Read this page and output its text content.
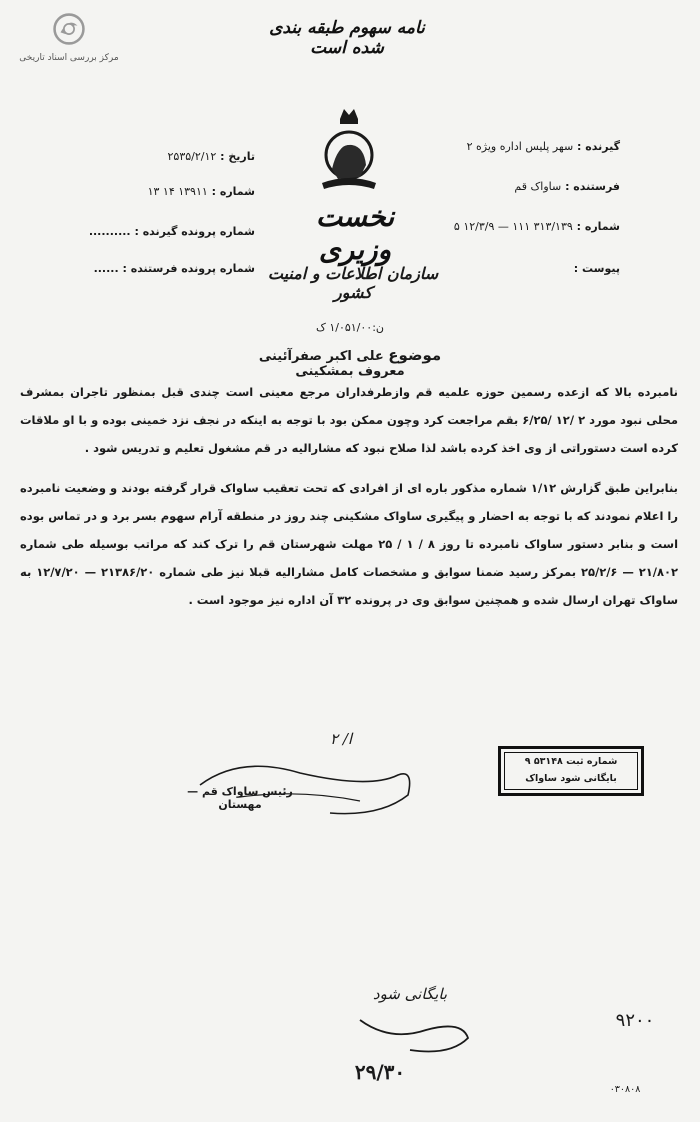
مرکز بررسی اسناد تاریخی
نامه سهوم طبقه بندی شده است
نخست وزیری
سازمان اطلاعات و امنیت کشور
گیرنده : سهر پلیس اداره ویژه ۲
فرستنده : ساواک قم
شماره : ۳۱۳/۱۳۹ ۱۱۱ — ۱۲/۳/۹ ۵
پیوست :
تاریخ : ۲۵۳۵/۲/۱۲
شماره : ۱۳۹۱۱ ۱۴ ۱۳
شماره پرونده گیرنده : ..........
شماره پرونده فرستنده : ......
ن:۱/۰۵۱/۰۰ ک
موضوع علی اکبر صفرآئینی معروف بمشکینی

نامبرده بالا که ازعده رسمین حوزه علمیه قم وازطرفداران مرجع معینی است چندی قبل بمنظور تاجران بمشرف محلی نبود مورد ۲ /۱۲ /۶/۲۵ بقم مراجعت کرد وچون ممکن بود با توجه به اینکه در نجف نزد خمینی بوده و با او ملاقات کرده است دستوراتی از وی اخذ کرده باشد لذا صلاح نبود که مشارالیه در قم مشغول تعلیم و تدریس شود .

بنابراین طبق گزارش ۱/۱۲ شماره مذکور باره ای از افرادی که تحت تعقیب ساواک قرار گرفته بودند و وضعیت نامبرده را اعلام نمودند که با توجه به احضار و پیگیری ساواک مشکینی چند روز در منطقه آرام سهوم بسر برد و در تماس بوده است و بنابر دستور ساواک نامبرده تا روز ۸ / ۱ / ۲۵ مهلت شهرستان قم را ترک کند که مراتب بوسیله طی شماره ۲۱/۸۰۲ — ۲۵/۲/۶ بمرکز رسید ضمنا سوابق و مشخصات کامل مشارالیه قبلا نیز طی شماره ۲۱۳۸۶/۲۰ — ۱۲/۷/۲۰ به ساواک تهران ارسال شده و همچنین سوابق وی در پرونده ۳۲ آن اداره نیز موجود است .

ا/ ۲
رئیس ساواک قم — مهستان
شماره ثبت ۵۳۱۴۸ ۹
بایگانی شود ساواک
بایگانی شود
۲۹/۳۰
۹۲۰۰
۰۳۰۸۰۸
